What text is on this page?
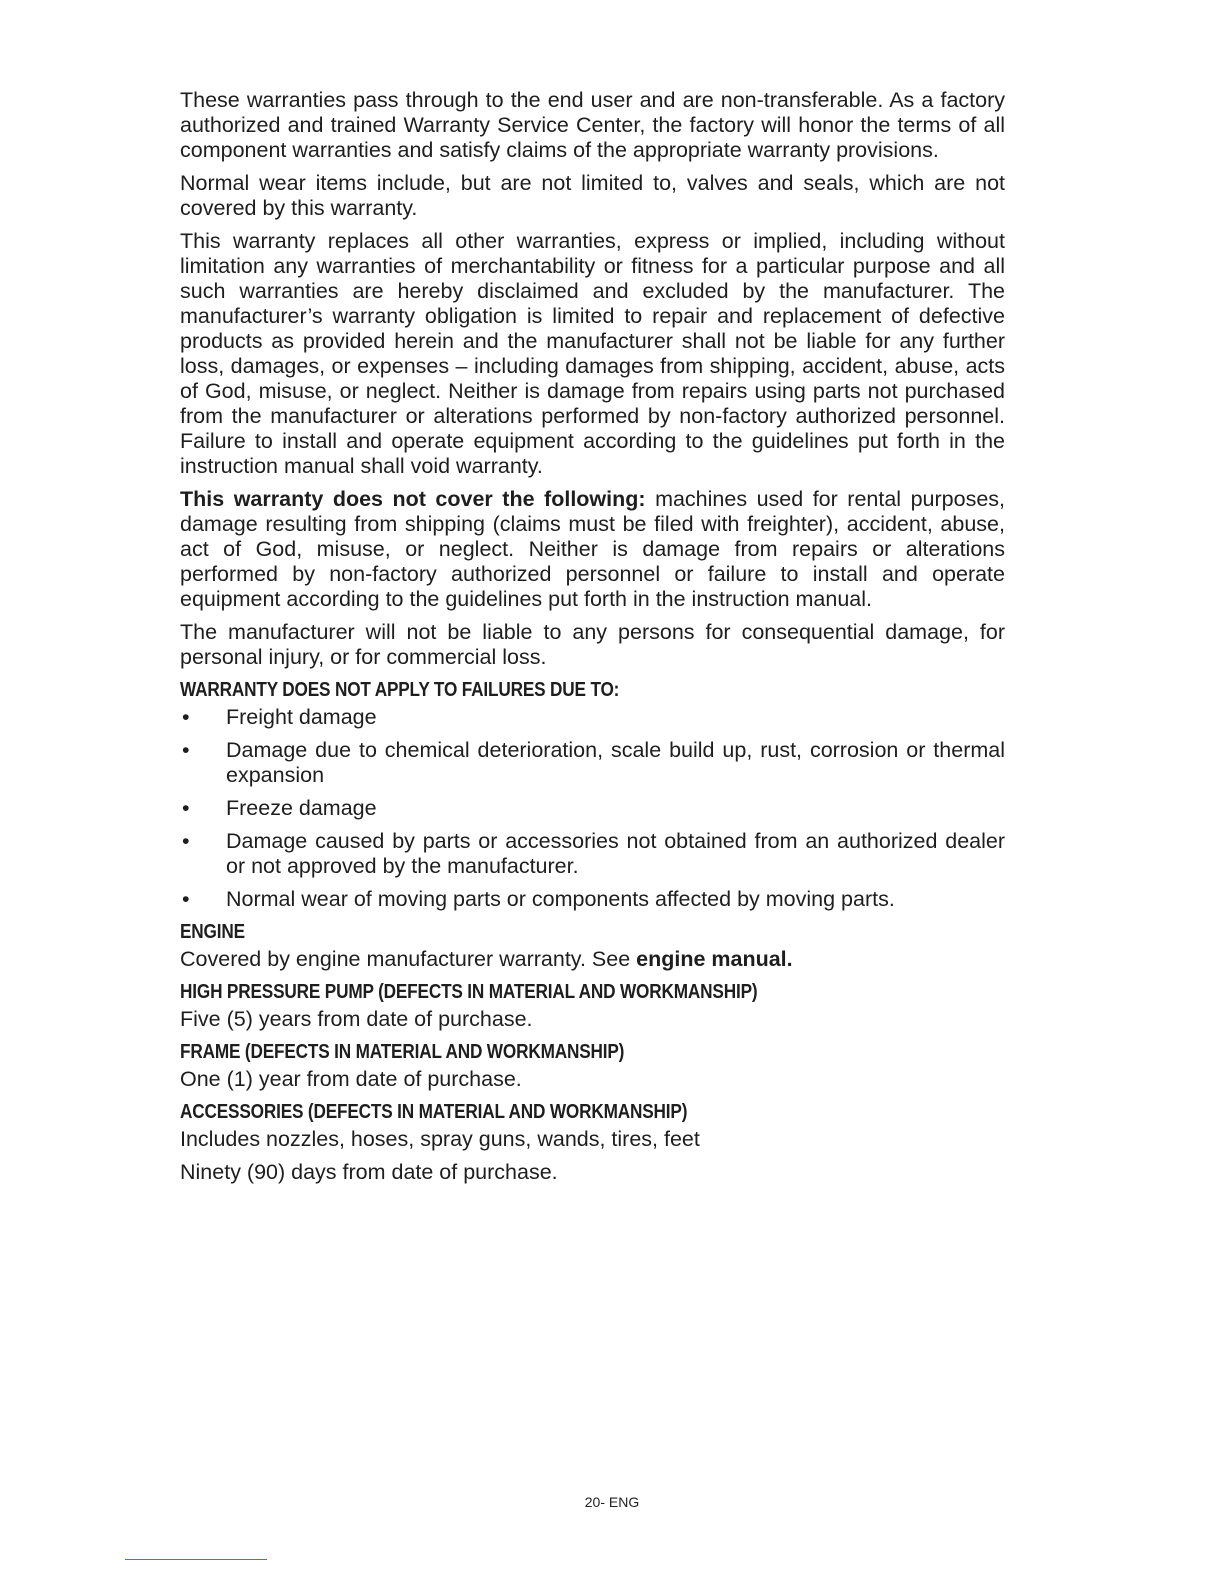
These warranties pass through to the end user and are non-transferable. As a factory authorized and trained Warranty Service Center, the factory will honor the terms of all component warranties and satisfy claims of the appropriate warranty provisions.

Normal wear items include, but are not limited to, valves and seals, which are not covered by this warranty.

This warranty replaces all other warranties, express or implied, including without limitation any warranties of merchantability or fitness for a particular purpose and all such warranties are hereby disclaimed and excluded by the manufacturer. The manufacturer’s warranty obligation is limited to repair and replacement of defective products as provided herein and the manufacturer shall not be liable for any further loss, damages, or expenses – including damages from shipping, accident, abuse, acts of God, misuse, or neglect. Neither is damage from repairs using parts not purchased from the manufacturer or alterations performed by non-factory authorized personnel. Failure to install and operate equipment according to the guidelines put forth in the instruction manual shall void warranty.

This warranty does not cover the following: machines used for rental purposes, damage resulting from shipping (claims must be filed with freighter), accident, abuse, act of God, misuse, or neglect. Neither is damage from repairs or alterations performed by non-factory authorized personnel or failure to install and operate equipment according to the guidelines put forth in the instruction manual.

The manufacturer will not be liable to any persons for consequential damage, for personal injury, or for commercial loss.

WARRANTY DOES NOT APPLY TO FAILURES DUE TO:
• Freight damage
• Damage due to chemical deterioration, scale build up, rust, corrosion or thermal expansion
• Freeze damage
• Damage caused by parts or accessories not obtained from an authorized dealer or not approved by the manufacturer.
• Normal wear of moving parts or components affected by moving parts.
ENGINE
Covered by engine manufacturer warranty. See engine manual.
HIGH PRESSURE PUMP (DEFECTS IN MATERIAL AND WORKMANSHIP)
Five (5) years from date of purchase.
FRAME (DEFECTS IN MATERIAL AND WORKMANSHIP)
One (1) year from date of purchase.
ACCESSORIES (DEFECTS IN MATERIAL AND WORKMANSHIP)
Includes nozzles, hoses, spray guns, wands, tires, feet
Ninety (90) days from date of purchase.
20- ENG
